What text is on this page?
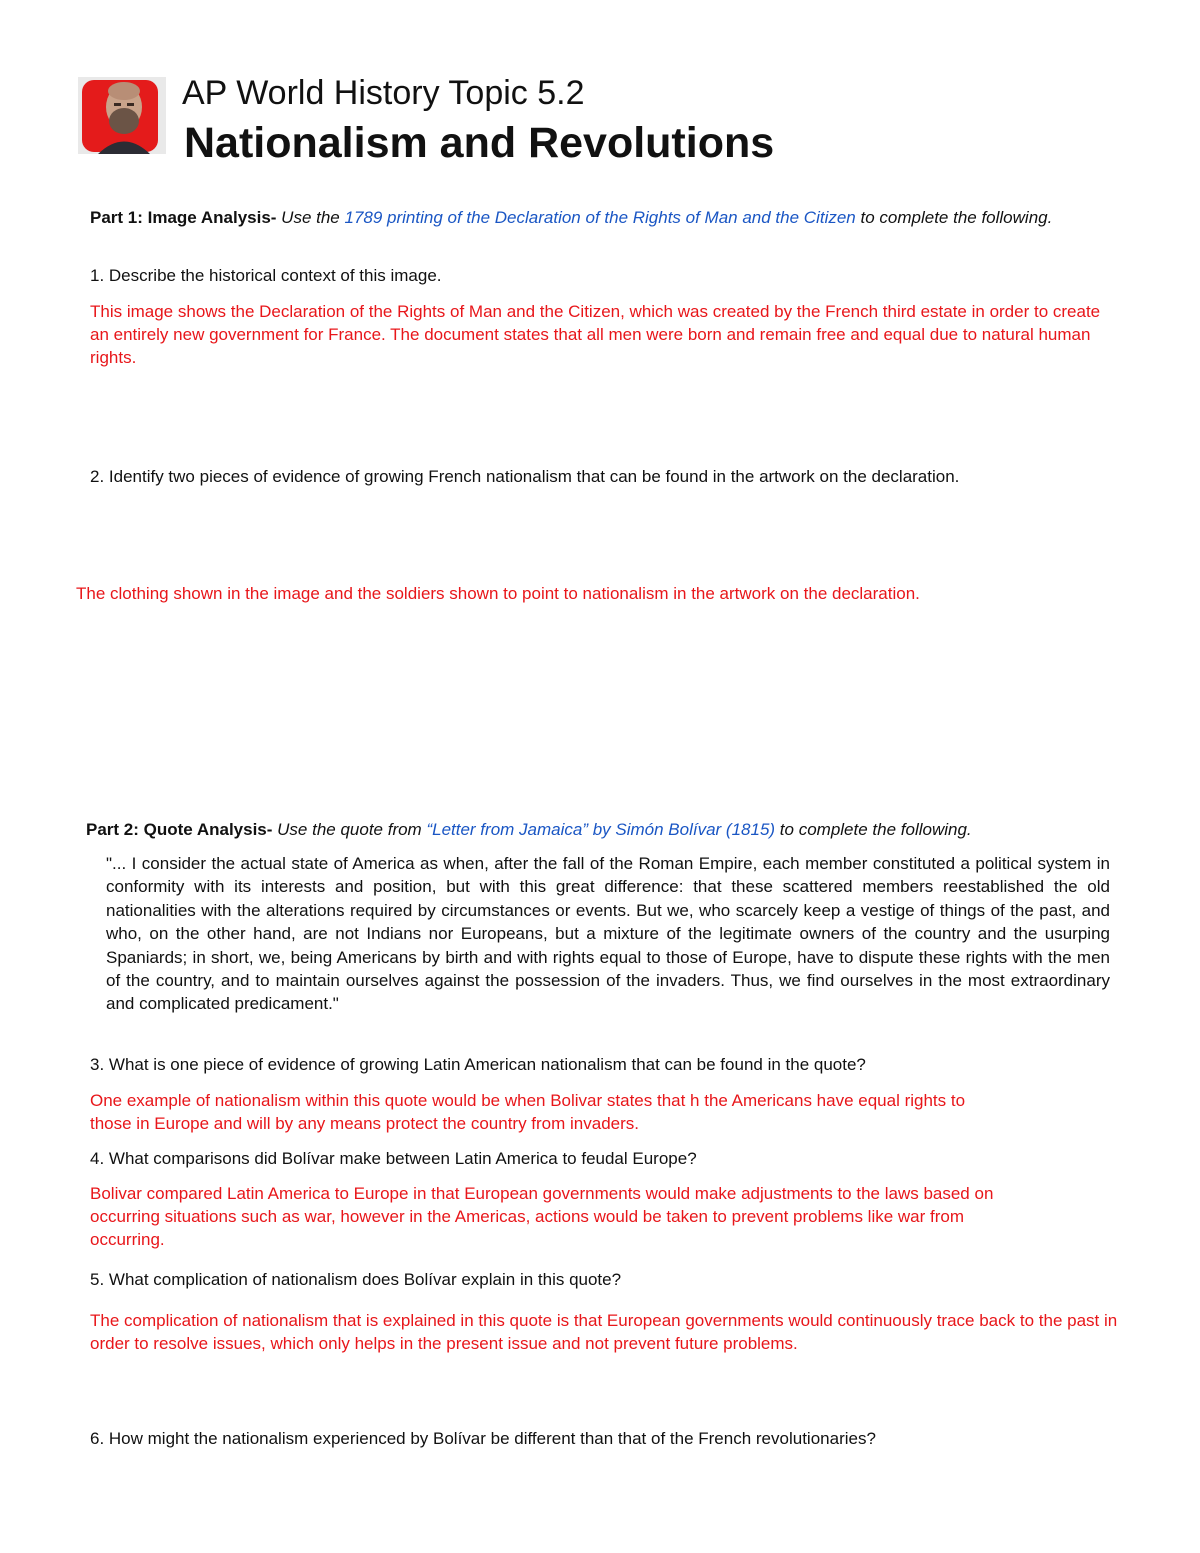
AP World History Topic 5.2
Nationalism and Revolutions
Part 1: Image Analysis- Use the 1789 printing of the Declaration of the Rights of Man and the Citizen to complete the following.
1. Describe the historical context of this image.
This image shows the Declaration of the Rights of Man and the Citizen, which was created by the French third estate in order to create an entirely new government for France. The document states that all men were born and remain free and equal due to natural human rights.
2. Identify two pieces of evidence of growing French nationalism that can be found in the artwork on the declaration.
The clothing shown in the image and the soldiers shown to point to nationalism in the artwork on the declaration.
Part 2: Quote Analysis- Use the quote from “Letter from Jamaica” by Simón Bolívar (1815) to complete the following.
"... I consider the actual state of America as when, after the fall of the Roman Empire, each member constituted a political system in conformity with its interests and position, but with this great difference: that these scattered members reestablished the old nationalities with the alterations required by circumstances or events. But we, who scarcely keep a vestige of things of the past, and who, on the other hand, are not Indians nor Europeans, but a mixture of the legitimate owners of the country and the usurping Spaniards; in short, we, being Americans by birth and with rights equal to those of Europe, have to dispute these rights with the men of the country, and to maintain ourselves against the possession of the invaders. Thus, we find ourselves in the most extraordinary and complicated predicament."
3. What is one piece of evidence of growing Latin American nationalism that can be found in the quote?
One example of nationalism within this quote would be when Bolivar states that h the Americans have equal rights to those in Europe and will by any means protect the country from invaders.
4. What comparisons did Bolívar make between Latin America to feudal Europe?
Bolivar compared Latin America to Europe in that European governments would make adjustments to the laws based on occurring situations such as war, however in the Americas, actions would be taken to prevent problems like war from occurring.
5. What complication of nationalism does Bolívar explain in this quote?
The complication of nationalism that is explained in this quote is that European governments would continuously trace back to the past in order to resolve issues, which only helps in the present issue and not prevent future problems.
6. How might the nationalism experienced by Bolívar be different than that of the French revolutionaries?
